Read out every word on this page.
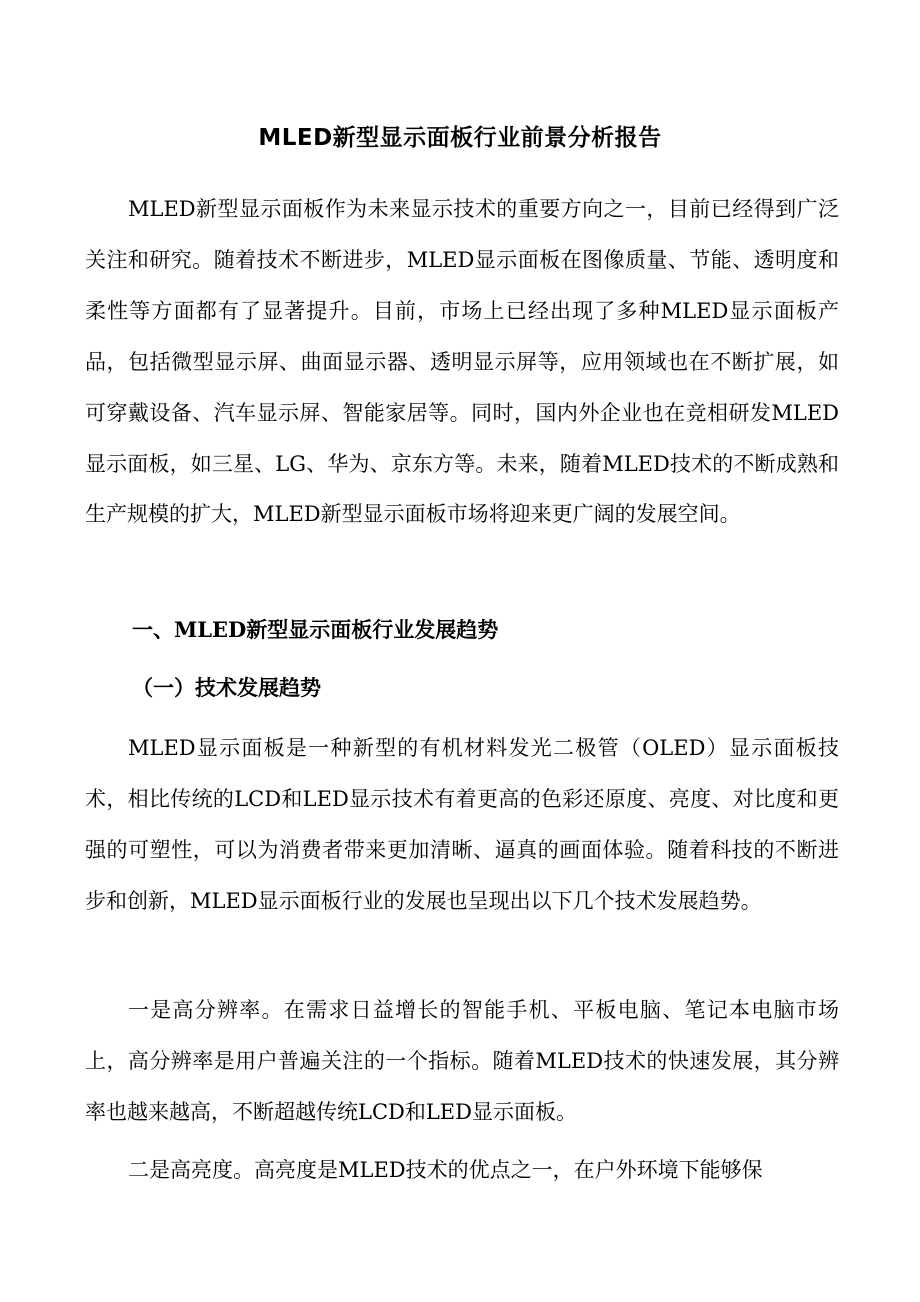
MLED新型显示面板行业前景分析报告

MLED新型显示面板作为未来显示技术的重要方向之一，目前已经得到广泛关注和研究。随着技术不断进步，MLED显示面板在图像质量、节能、透明度和柔性等方面都有了显著提升。目前，市场上已经出现了多种MLED显示面板产品，包括微型显示屏、曲面显示器、透明显示屏等，应用领域也在不断扩展，如可穿戴设备、汽车显示屏、智能家居等。同时，国内外企业也在竞相研发MLED显示面板，如三星、LG、华为、京东方等。未来，随着MLED技术的不断成熟和生产规模的扩大，MLED新型显示面板市场将迎来更广阔的发展空间。

一、MLED新型显示面板行业发展趋势
（一）技术发展趋势

MLED显示面板是一种新型的有机材料发光二极管（OLED）显示面板技术，相比传统的LCD和LED显示技术有着更高的色彩还原度、亮度、对比度和更强的可塑性，可以为消费者带来更加清晰、逼真的画面体验。随着科技的不断进步和创新，MLED显示面板行业的发展也呈现出以下几个技术发展趋势。

一是高分辨率。在需求日益增长的智能手机、平板电脑、笔记本电脑市场上，高分辨率是用户普遍关注的一个指标。随着MLED技术的快速发展，其分辨率也越来越高，不断超越传统LCD和LED显示面板。

二是高亮度。高亮度是MLED技术的优点之一，在户外环境下能够保
